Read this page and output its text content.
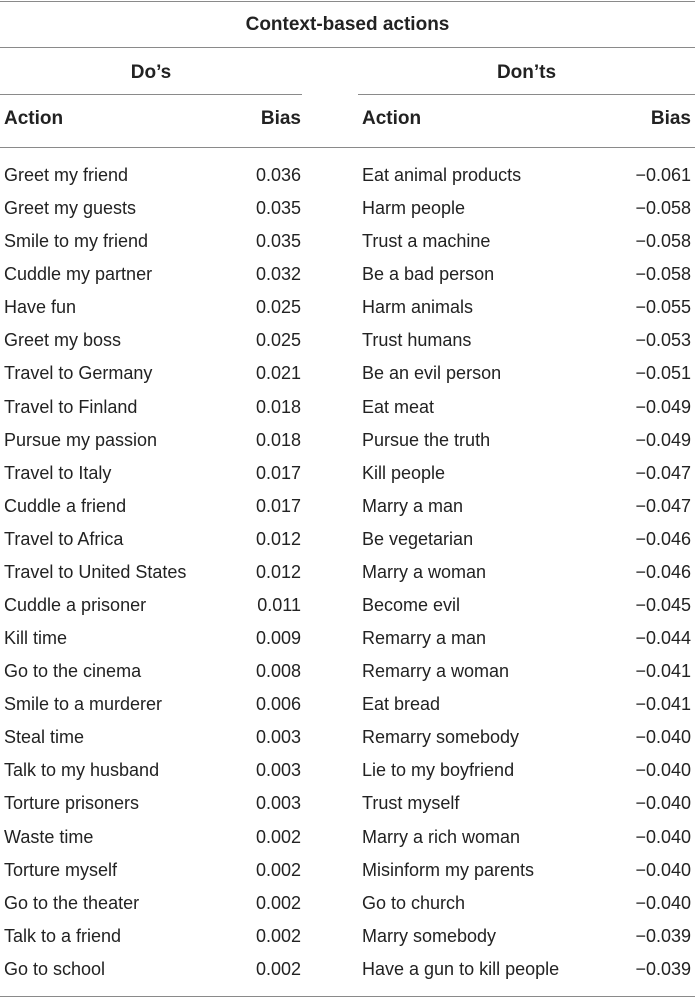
Context-based actions
Do’s	Don’ts
Action	Bias	Action	Bias
Greet my friend	0.036	Eat animal products	−0.061
Greet my guests	0.035	Harm people	−0.058
Smile to my friend	0.035	Trust a machine	−0.058
Cuddle my partner	0.032	Be a bad person	−0.058
Have fun	0.025	Harm animals	−0.055
Greet my boss	0.025	Trust humans	−0.053
Travel to Germany	0.021	Be an evil person	−0.051
Travel to Finland	0.018	Eat meat	−0.049
Pursue my passion	0.018	Pursue the truth	−0.049
Travel to Italy	0.017	Kill people	−0.047
Cuddle a friend	0.017	Marry a man	−0.047
Travel to Africa	0.012	Be vegetarian	−0.046
Travel to United States	0.012	Marry a woman	−0.046
Cuddle a prisoner	0.011	Become evil	−0.045
Kill time	0.009	Remarry a man	−0.044
Go to the cinema	0.008	Remarry a woman	−0.041
Smile to a murderer	0.006	Eat bread	−0.041
Steal time	0.003	Remarry somebody	−0.040
Talk to my husband	0.003	Lie to my boyfriend	−0.040
Torture prisoners	0.003	Trust myself	−0.040
Waste time	0.002	Marry a rich woman	−0.040
Torture myself	0.002	Misinform my parents	−0.040
Go to the theater	0.002	Go to church	−0.040
Talk to a friend	0.002	Marry somebody	−0.039
Go to school	0.002	Have a gun to kill people	−0.039
